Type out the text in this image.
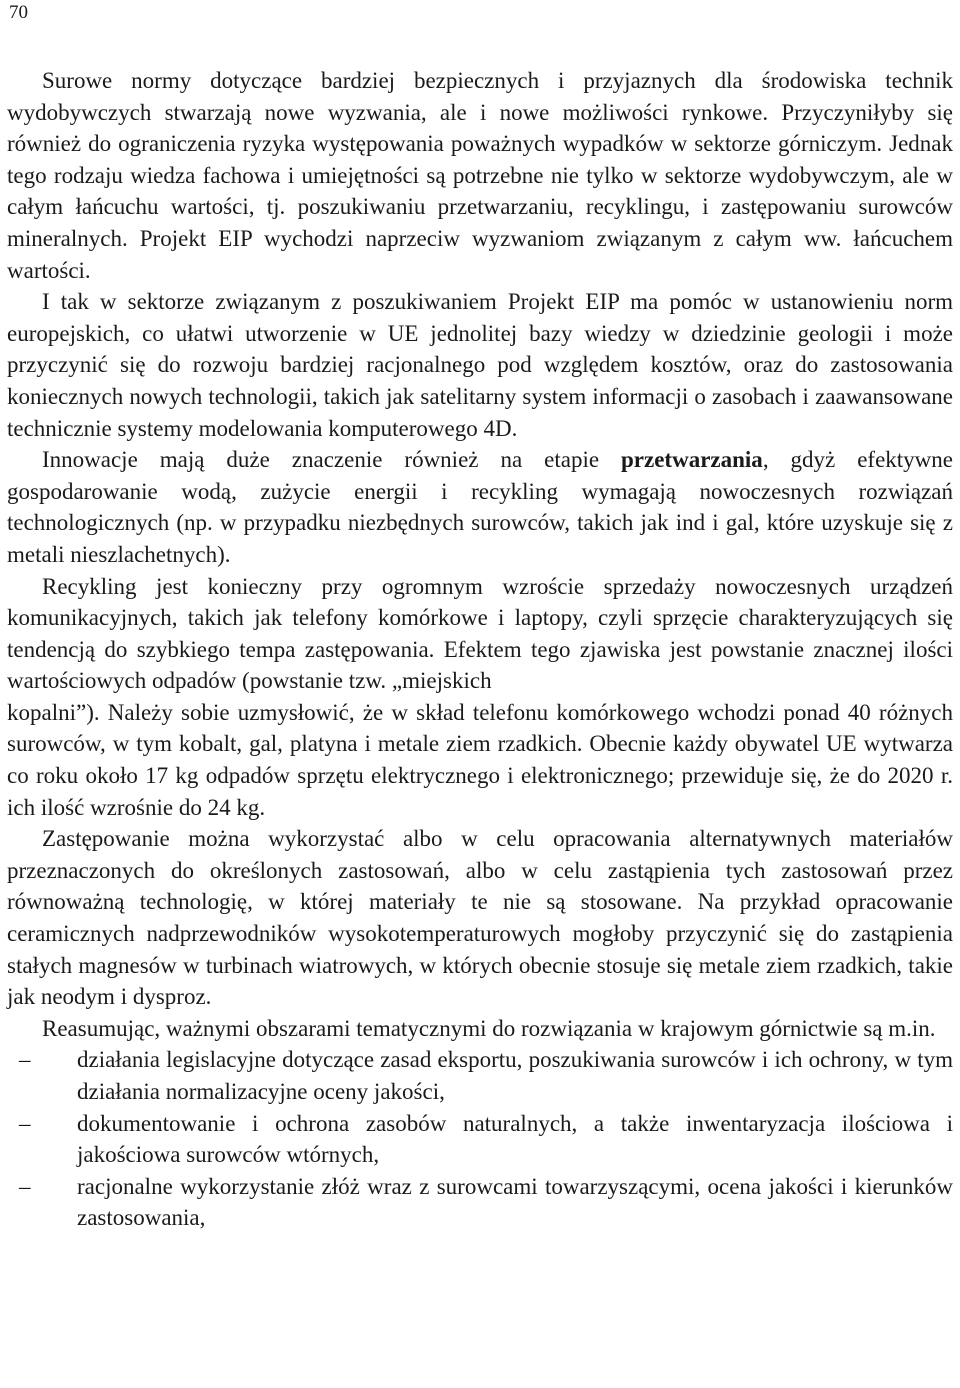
70

Surowe normy dotyczące bardziej bezpiecznych i przyjaznych dla środowiska technik wydobywczych stwarzają nowe wyzwania, ale i nowe możliwości rynkowe. Przyczyniłyby się również do ograniczenia ryzyka występowania poważnych wypadków w sektorze górniczym. Jednak tego rodzaju wiedza fachowa i umiejętności są potrzebne nie tylko w sektorze wydobywczym, ale w całym łańcuchu wartości, tj. poszukiwaniu przetwarzaniu, recyklingu, i zastępowaniu surowców mineralnych. Projekt EIP wychodzi naprzeciw wyzwaniom związanym z całym ww. łańcuchem wartości.

I tak w sektorze związanym z poszukiwaniem Projekt EIP ma pomóc w ustanowieniu norm europejskich, co ułatwi utworzenie w UE jednolitej bazy wiedzy w dziedzinie geologii i może przyczynić się do rozwoju bardziej racjonalnego pod względem kosztów, oraz do zastosowania koniecznych nowych technologii, takich jak satelitarny system informacji o zasobach i zaawansowane technicznie systemy modelowania komputerowego 4D.

Innowacje mają duże znaczenie również na etapie przetwarzania, gdyż efektywne gospodarowanie wodą, zużycie energii i recykling wymagają nowoczesnych rozwiązań technologicznych (np. w przypadku niezbędnych surowców, takich jak ind i gal, które uzyskuje się z metali nieszlachetnych).

Recykling jest konieczny przy ogromnym wzroście sprzedaży nowoczesnych urządzeń komunikacyjnych, takich jak telefony komórkowe i laptopy, czyli sprzęcie charakteryzujących się tendencją do szybkiego tempa zastępowania. Efektem tego zjawiska jest powstanie znacznej ilości wartościowych odpadów (powstanie tzw. „miejskich

kopalni”). Należy sobie uzmysłowić, że w skład telefonu komórkowego wchodzi ponad 40 różnych surowców, w tym kobalt, gal, platyna i metale ziem rzadkich. Obecnie każdy obywatel UE wytwarza co roku około 17 kg odpadów sprzętu elektrycznego i elektronicznego; przewiduje się, że do 2020 r. ich ilość wzrośnie do 24 kg.

Zastępowanie można wykorzystać albo w celu opracowania alternatywnych materiałów przeznaczonych do określonych zastosowań, albo w celu zastąpienia tych zastosowań przez równoważną technologię, w której materiały te nie są stosowane. Na przykład opracowanie ceramicznych nadprzewodników wysokotemperaturowych mogłoby przyczynić się do zastąpienia stałych magnesów w turbinach wiatrowych, w których obecnie stosuje się metale ziem rzadkich, takie jak neodym i dysproz.

Reasumując, ważnymi obszarami tematycznymi do rozwiązania w krajowym górnictwie są m.in.

– działania legislacyjne dotyczące zasad eksportu, poszukiwania surowców i ich ochrony, w tym działania normalizacyjne oceny jakości,
– dokumentowanie i ochrona zasobów naturalnych, a także inwentaryzacja ilościowa i jakościowa surowców wtórnych,
– racjonalne wykorzystanie złóż wraz z surowcami towarzyszącymi, ocena jakości i kierunków zastosowania,
